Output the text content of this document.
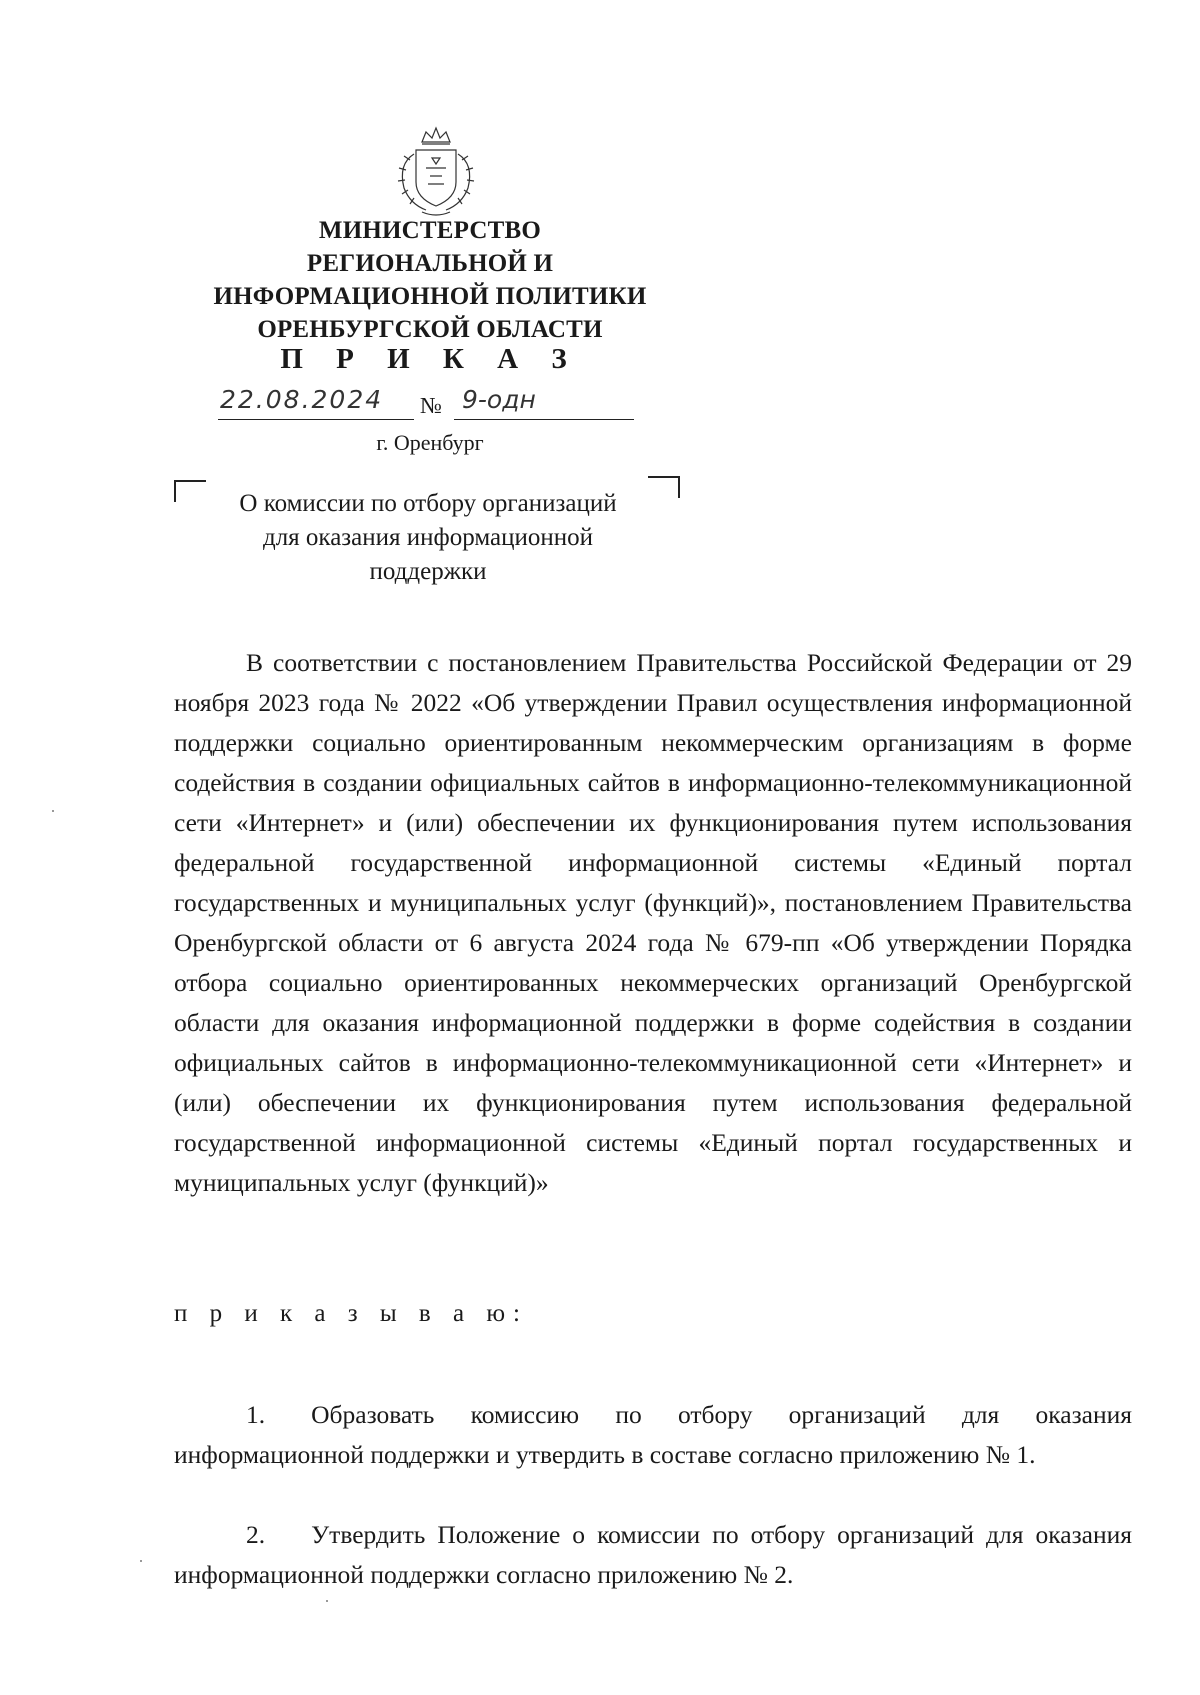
МИНИСТЕРСТВО
РЕГИОНАЛЬНОЙ И
ИНФОРМАЦИОННОЙ ПОЛИТИКИ
ОРЕНБУРГСКОЙ ОБЛАСТИ
П Р И К А З
22.08.2024 № 9-одн
г. Оренбург
О комиссии по отбору организаций
для оказания информационной
поддержки
В соответствии с постановлением Правительства Российской Федерации от 29 ноября 2023 года № 2022 «Об утверждении Правил осуществления информационной поддержки социально ориентированным некоммерческим организациям в форме содействия в создании официальных сайтов в информационно-телекоммуникационной сети «Интернет» и (или) обеспечении их функционирования путем использования федеральной государственной информационной системы «Единый портал государственных и муниципальных услуг (функций)», постановлением Правительства Оренбургской области от 6 августа 2024 года № 679-пп «Об утверждении Порядка отбора социально ориентированных некоммерческих организаций Оренбургской области для оказания информационной поддержки в форме содействия в создании официальных сайтов в информационно-телекоммуникационной сети «Интернет» и (или) обеспечении их функционирования путем использования федеральной государственной информационной системы «Единый портал государственных и муниципальных услуг (функций)»
п р и к а з ы в а ю:
1. Образовать комиссию по отбору организаций для оказания информационной поддержки и утвердить в составе согласно приложению № 1.
2. Утвердить Положение о комиссии по отбору организаций для оказания информационной поддержки согласно приложению № 2.
